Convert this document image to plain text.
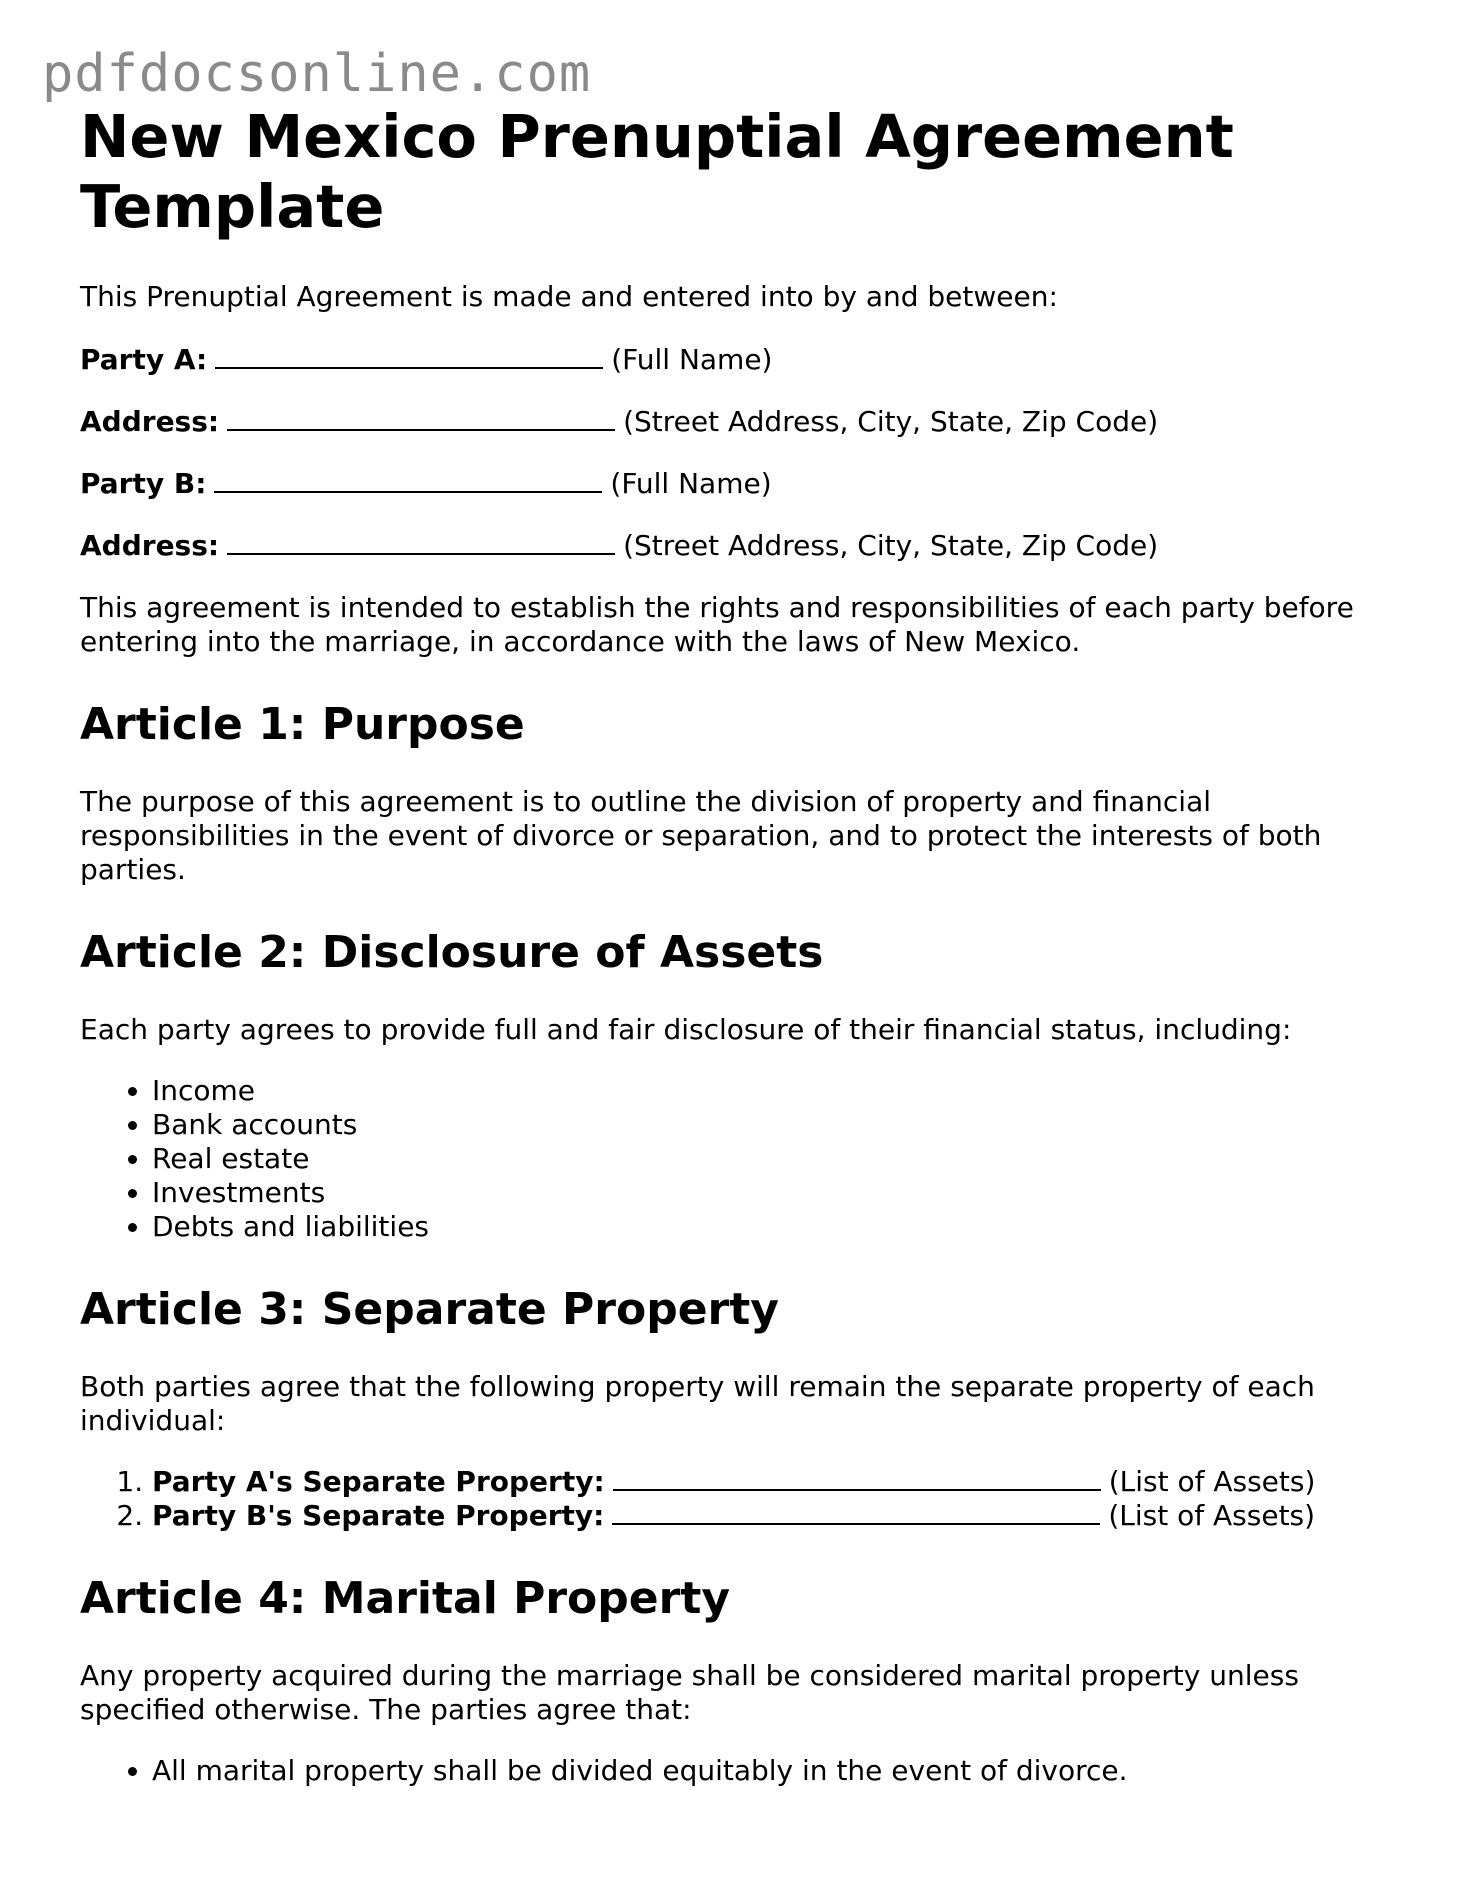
pdfdocsonline.com
New Mexico Prenuptial Agreement Template

This Prenuptial Agreement is made and entered into by and between:

Party A:	(Full Name)
Address:	(Street Address, City, State, Zip Code)
Party B:	(Full Name)
Address:	(Street Address, City, State, Zip Code)

This agreement is intended to establish the rights and responsibilities of each party before entering into the marriage, in accordance with the laws of New Mexico.

Article 1: Purpose

The purpose of this agreement is to outline the division of property and financial responsibilities in the event of divorce or separation, and to protect the interests of both parties.

Article 2: Disclosure of Assets

Each party agrees to provide full and fair disclosure of their financial status, including:

• Income
• Bank accounts
• Real estate
• Investments
• Debts and liabilities
Article 3: Separate Property

Both parties agree that the following property will remain the separate property of each individual:

1. Party A's Separate Property:	(List of Assets)
2. Party B's Separate Property:	(List of Assets)
Article 4: Marital Property

Any property acquired during the marriage shall be considered marital property unless specified otherwise. The parties agree that:

• All marital property shall be divided equitably in the event of divorce.
